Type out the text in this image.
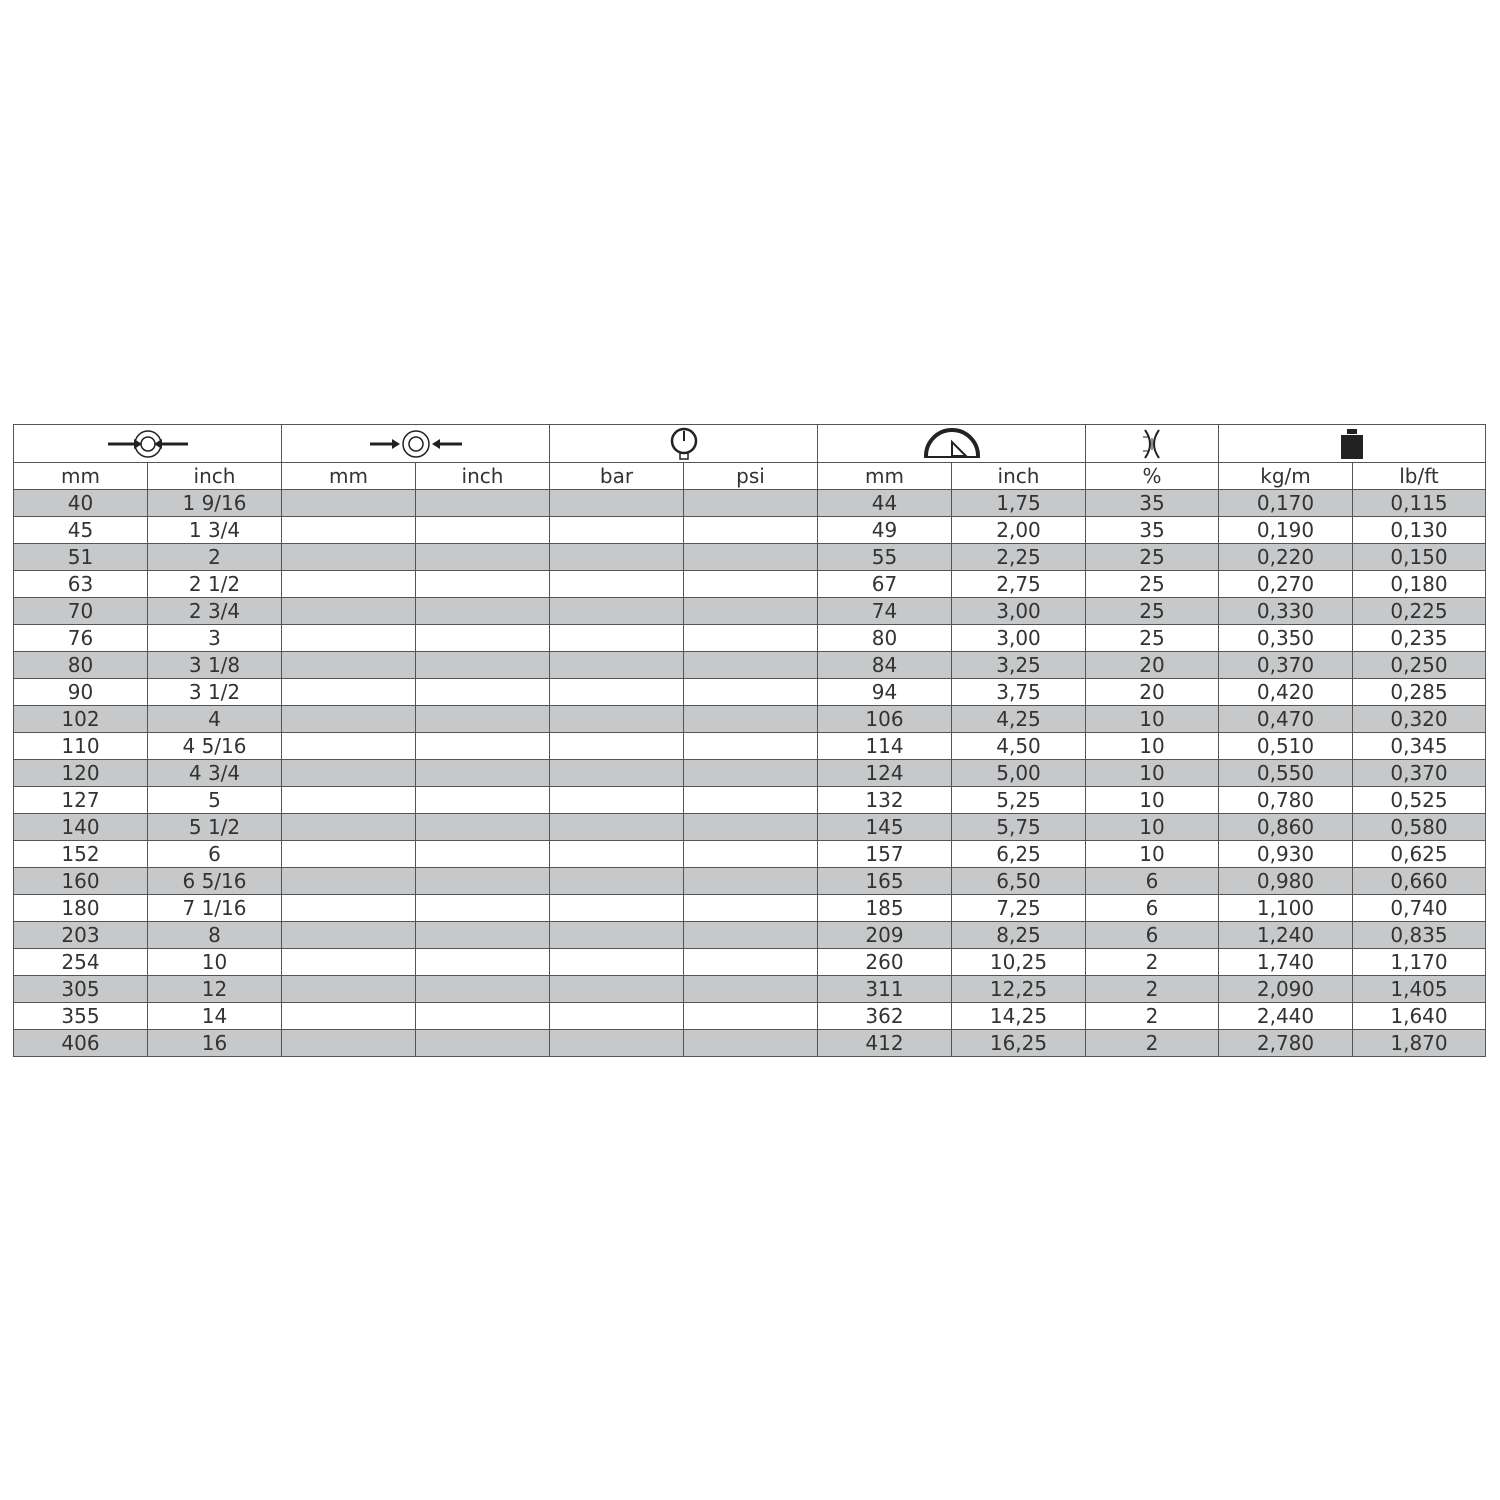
mm	inch	mm	inch	bar	psi	mm	inch	%	kg/m	lb/ft
40	1 9/16					44	1,75	35	0,170	0,115
45	1 3/4					49	2,00	35	0,190	0,130
51	2					55	2,25	25	0,220	0,150
63	2 1/2					67	2,75	25	0,270	0,180
70	2 3/4					74	3,00	25	0,330	0,225
76	3					80	3,00	25	0,350	0,235
80	3 1/8					84	3,25	20	0,370	0,250
90	3 1/2					94	3,75	20	0,420	0,285
102	4					106	4,25	10	0,470	0,320
110	4 5/16					114	4,50	10	0,510	0,345
120	4 3/4					124	5,00	10	0,550	0,370
127	5					132	5,25	10	0,780	0,525
140	5 1/2					145	5,75	10	0,860	0,580
152	6					157	6,25	10	0,930	0,625
160	6 5/16					165	6,50	6	0,980	0,660
180	7 1/16					185	7,25	6	1,100	0,740
203	8					209	8,25	6	1,240	0,835
254	10					260	10,25	2	1,740	1,170
305	12					311	12,25	2	2,090	1,405
355	14					362	14,25	2	2,440	1,640
406	16					412	16,25	2	2,780	1,870
